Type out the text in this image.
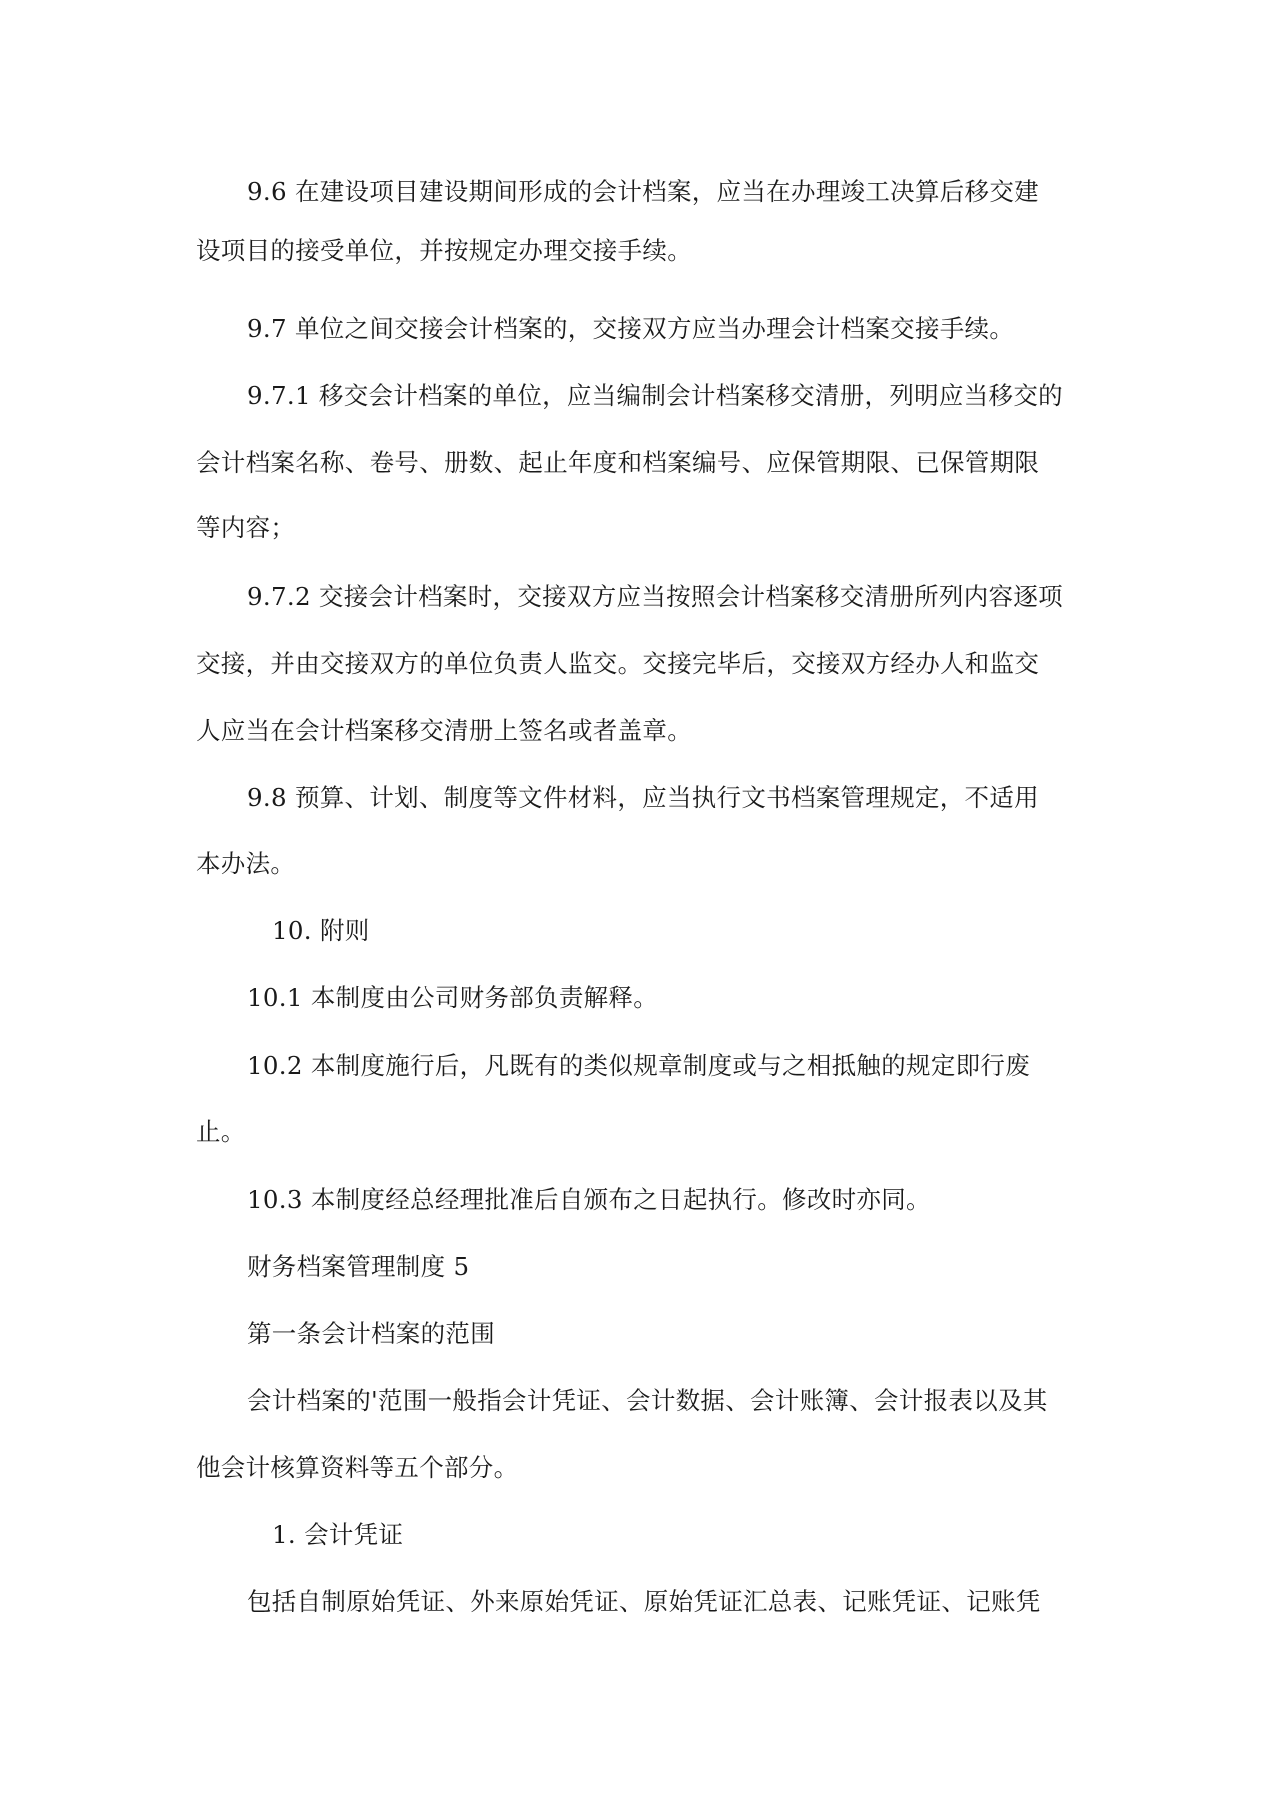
9.6 在建设项目建设期间形成的会计档案，应当在办理竣工决算后移交建
设项目的接受单位，并按规定办理交接手续。
9.7 单位之间交接会计档案的，交接双方应当办理会计档案交接手续。
9.7.1 移交会计档案的单位，应当编制会计档案移交清册，列明应当移交的
会计档案名称、卷号、册数、起止年度和档案编号、应保管期限、已保管期限
等内容；
9.7.2 交接会计档案时，交接双方应当按照会计档案移交清册所列内容逐项
交接，并由交接双方的单位负责人监交。交接完毕后，交接双方经办人和监交
人应当在会计档案移交清册上签名或者盖章。
9.8 预算、计划、制度等文件材料，应当执行文书档案管理规定，不适用
本办法。
10. 附则
10.1 本制度由公司财务部负责解释。
10.2 本制度施行后，凡既有的类似规章制度或与之相抵触的规定即行废
止。
10.3 本制度经总经理批准后自颁布之日起执行。修改时亦同。
财务档案管理制度 5
第一条会计档案的范围
会计档案的'范围一般指会计凭证、会计数据、会计账簿、会计报表以及其
他会计核算资料等五个部分。
1. 会计凭证
包括自制原始凭证、外来原始凭证、原始凭证汇总表、记账凭证、记账凭
